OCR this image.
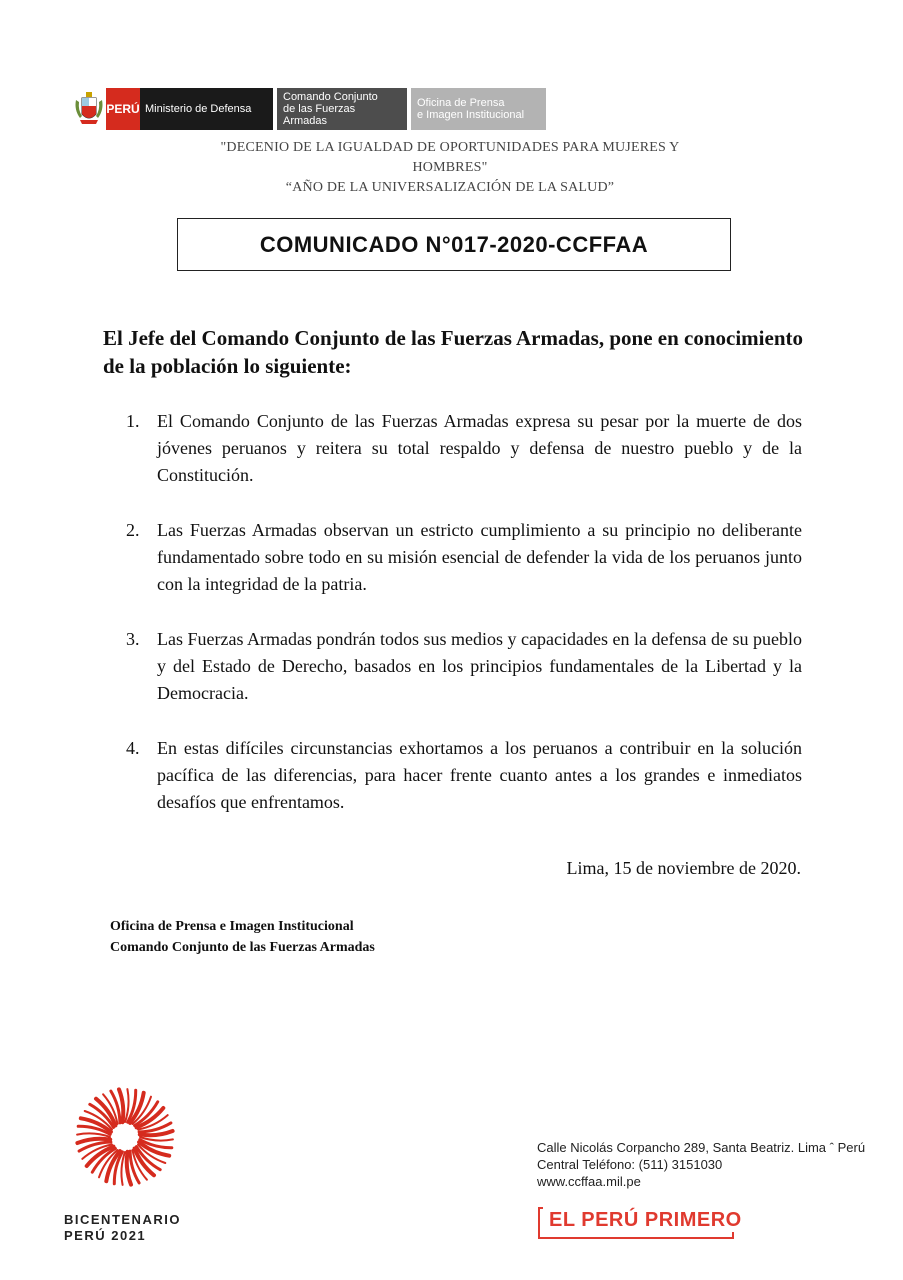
PERÚ Ministerio de Defensa
Comando Conjunto
de las Fuerzas Armadas
Oficina de Prensa
e Imagen Institucional
"DECENIO DE LA IGUALDAD DE OPORTUNIDADES PARA MUJERES Y
HOMBRES"
“AÑO DE LA UNIVERSALIZACIÓN DE LA SALUD”
COMUNICADO N°017-2020-CCFFAA
El Jefe del Comando Conjunto de las Fuerzas Armadas, pone en conocimiento de la población lo siguiente:
1. El Comando Conjunto de las Fuerzas Armadas expresa su pesar por la muerte de dos jóvenes peruanos y reitera su total respaldo y defensa de nuestro pueblo y de la Constitución.
2. Las Fuerzas Armadas observan un estricto cumplimiento a su principio no deliberante fundamentado sobre todo en su misión esencial de defender la vida de los peruanos junto con la integridad de la patria.
3. Las Fuerzas Armadas pondrán todos sus medios y capacidades en la defensa de su pueblo y del Estado de Derecho, basados en los principios fundamentales de la Libertad y la Democracia.
4. En estas difíciles circunstancias exhortamos a los peruanos a contribuir en la solución pacífica de las diferencias, para hacer frente cuanto antes a los grandes e inmediatos desafíos que enfrentamos.
Lima, 15 de noviembre de 2020.
Oficina de Prensa e Imagen Institucional
Comando Conjunto de las Fuerzas Armadas
BICENTENARIO
PERÚ 2021
Calle Nicolás Corpancho 289, Santa Beatriz. Lima ˆ Perú
Central Teléfono: (511) 3151030
www.ccffaa.mil.pe
EL PERÚ PRIMERO
